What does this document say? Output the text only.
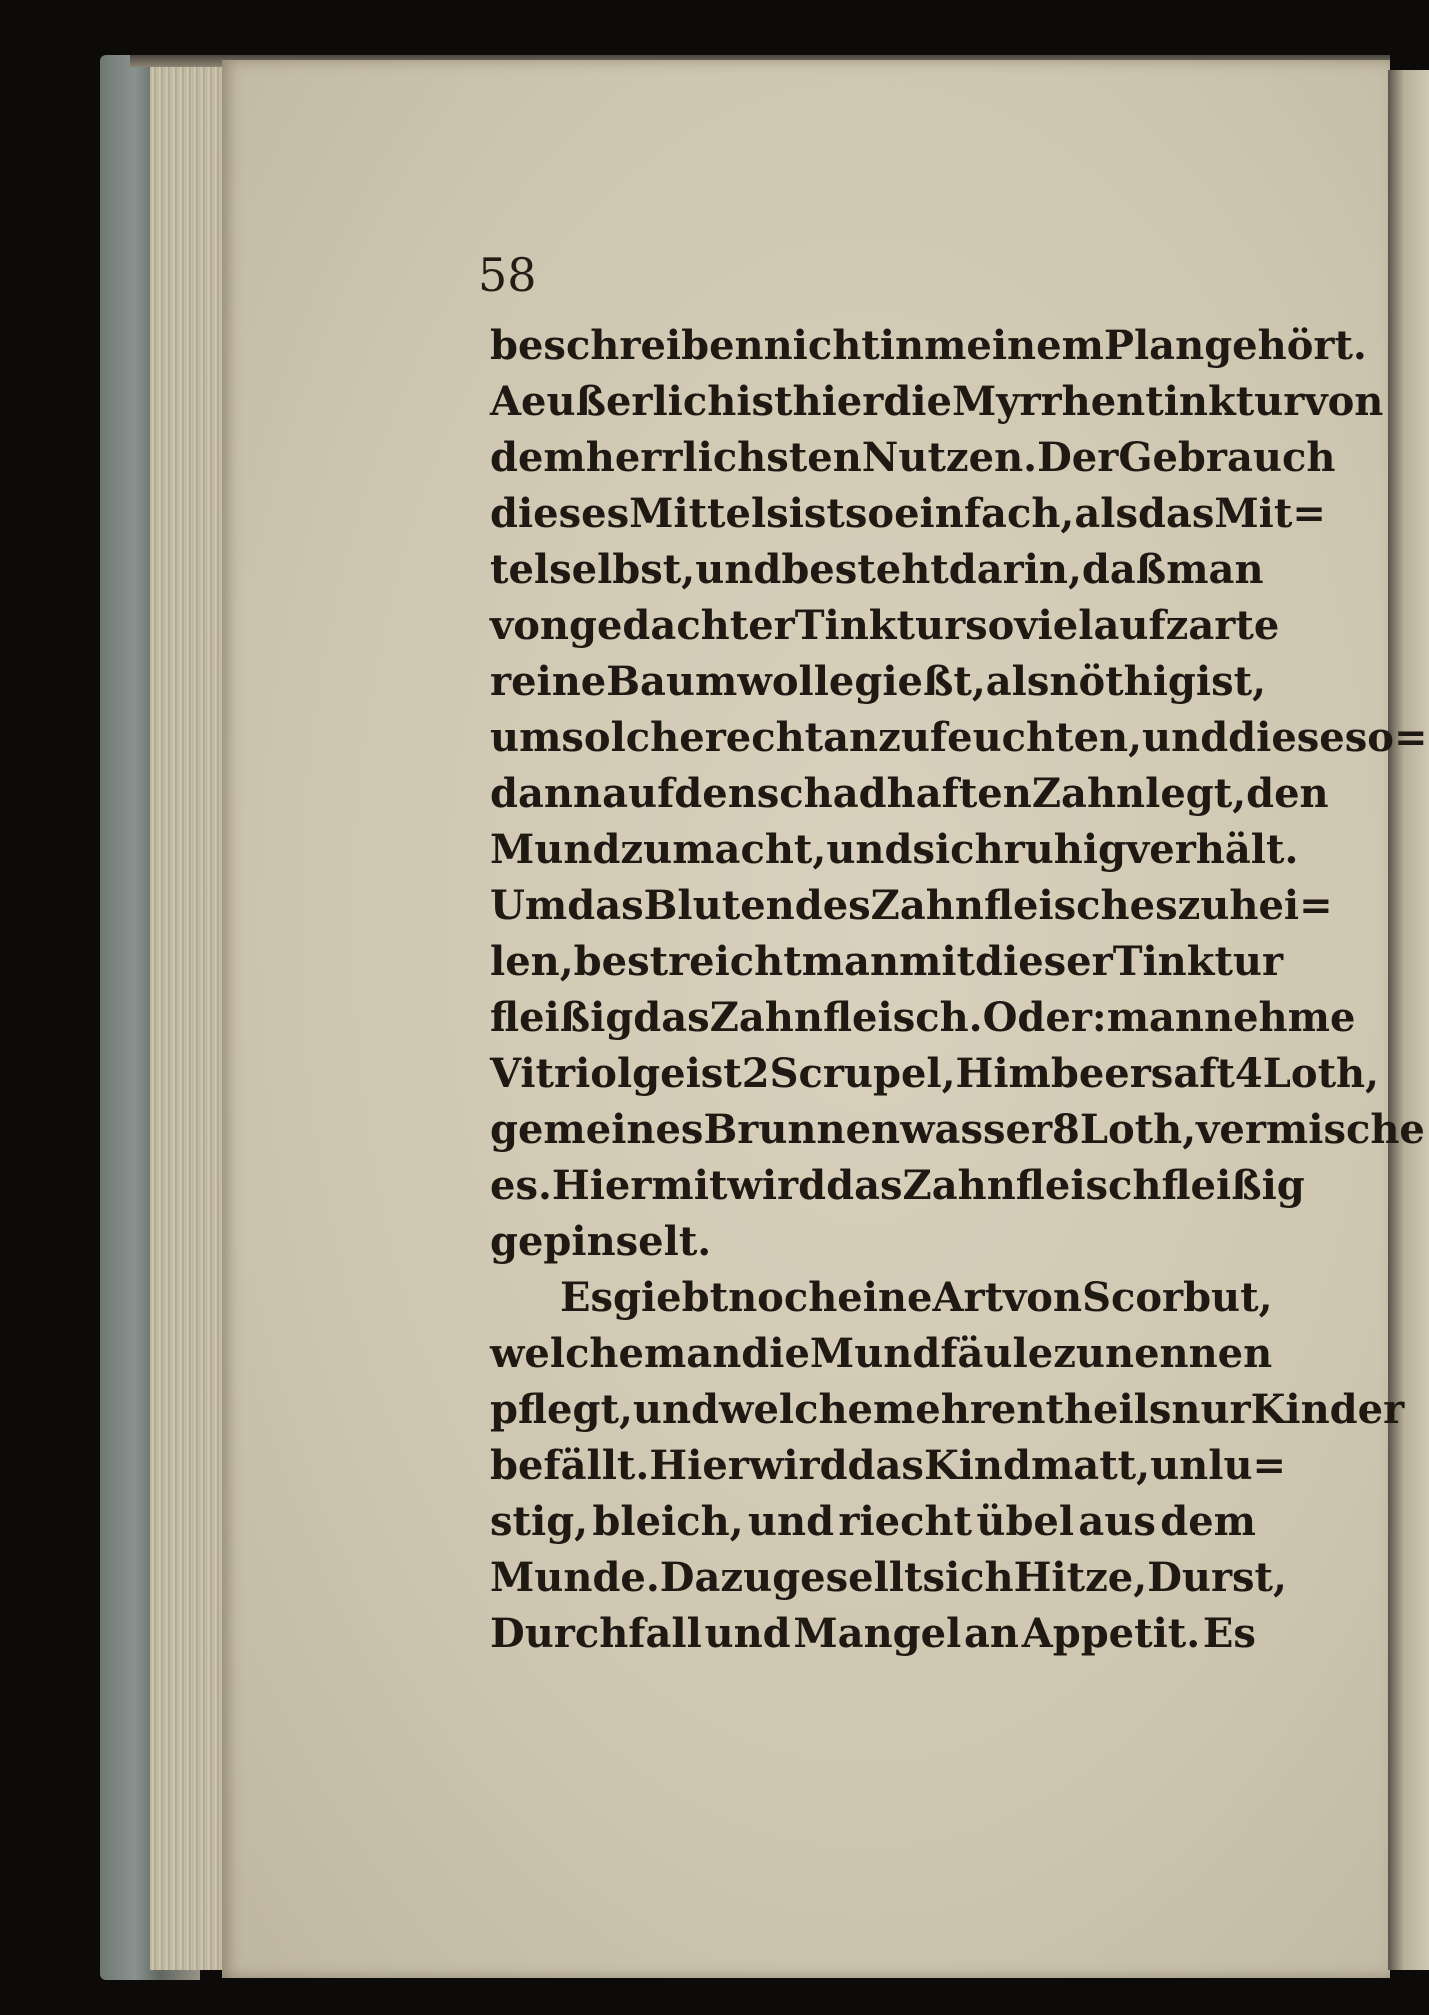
58
beschreiben nicht in meinem Plan gehört.
Aeußerlich ist hier die Myrrhentinktur von
dem herrlichsten Nutzen. Der Gebrauch
dieses Mittels ist so einfach, als das Mit=
tel selbst, und besteht darin, daß man
von gedachter Tinktur so viel auf zarte
reine Baumwolle gießt, als nöthig ist,
um solche recht anzufeuchten, und diese so=
dann auf den schadhaften Zahn legt, den
Mund zumacht, und sich ruhig verhält.
Um das Bluten des Zahnfleisches zu hei=
len, bestreicht man mit dieser Tinktur
fleißig das Zahnfleisch. Oder: man nehme
Vitriolgeist 2 Scrupel, Himbeersaft 4 Loth,
gemeines Brunnenwasser 8 Loth, vermische
es. Hiermit wird das Zahnfleisch fleißig
gepinselt.
Es giebt noch eine Art von Scorbut,
welche man die Mundfäule zu nennen
pflegt, und welche mehrentheils nur Kinder
befällt. Hier wird das Kind matt, unlu=
stig, bleich, und riecht übel aus dem
Munde. Dazu gesellt sich Hitze, Durst,
Durchfall und Mangel an Appetit. Es
